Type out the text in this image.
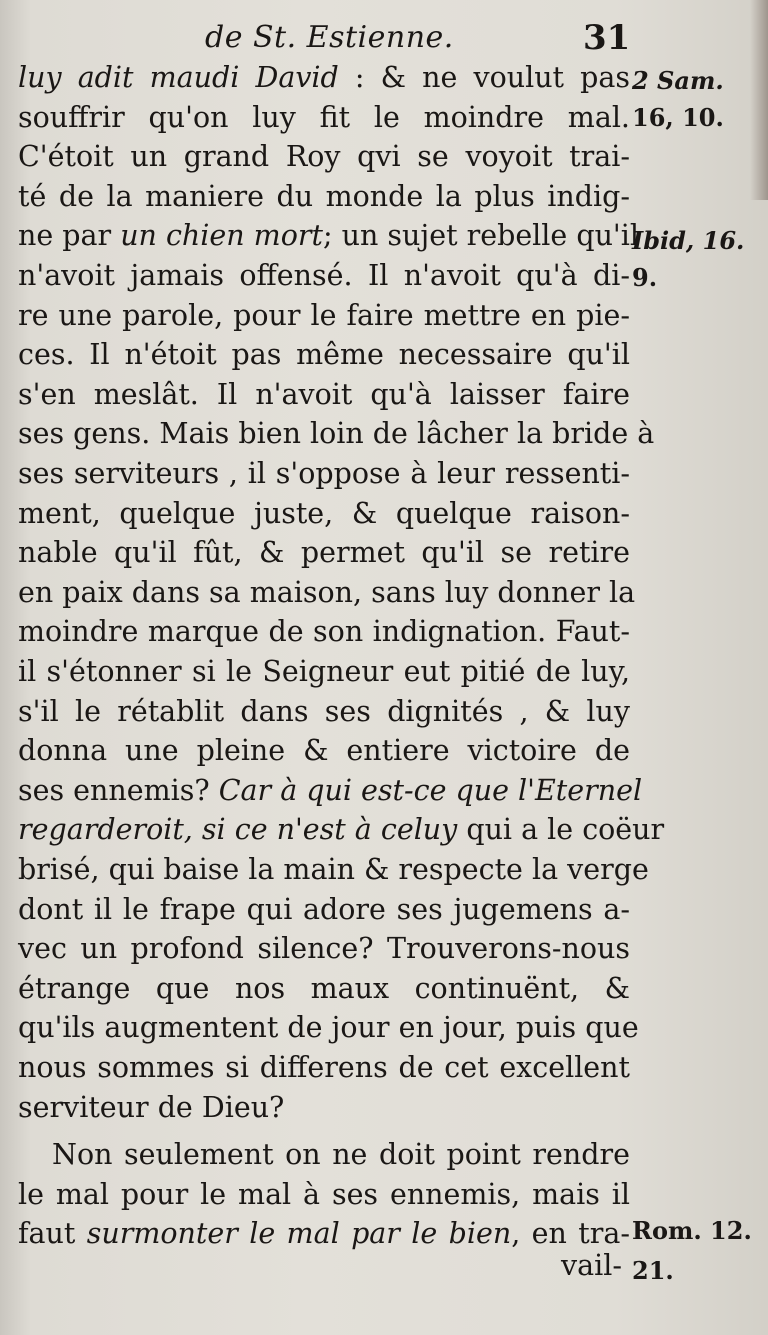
de St. Estienne.	31
luy adit maudi David : & ne voulut pas
souffrir qu'on luy fit le moindre mal.
C'étoit un grand Roy qvi se voyoit trai-
té de la maniere du monde la plus indig-
ne par un chien mort; un sujet rebelle qu'il
n'avoit jamais offensé. Il n'avoit qu'à di-
re une parole, pour le faire mettre en pie-
ces. Il n'étoit pas même necessaire qu'il
s'en meslât. Il n'avoit qu'à laisser faire
ses gens. Mais bien loin de lâcher la bride à
ses serviteurs , il s'oppose à leur ressenti-
ment, quelque juste, & quelque raison-
nable qu'il fût, & permet qu'il se retire
en paix dans sa maison, sans luy donner la
moindre marque de son indignation. Faut-
il s'étonner si le Seigneur eut pitié de luy,
s'il le rétablit dans ses dignités , & luy
donna une pleine & entiere victoire de
ses ennemis? Car à qui est-ce que l'Eternel
regarderoit, si ce n'est à celuy qui a le coëur
brisé, qui baise la main & respecte la verge
dont il le frape qui adore ses jugemens a-
vec un profond silence? Trouverons-nous
étrange que nos maux continuënt, &
qu'ils augmentent de jour en jour, puis que
nous sommes si differens de cet excellent
serviteur de Dieu?
Non seulement on ne doit point rendre
le mal pour le mal à ses ennemis, mais il
faut surmonter le mal par le bien, en tra-
2 Sam.
16, 10.
Ibid, 16.
9.
Rom. 12.
21.
vail-
